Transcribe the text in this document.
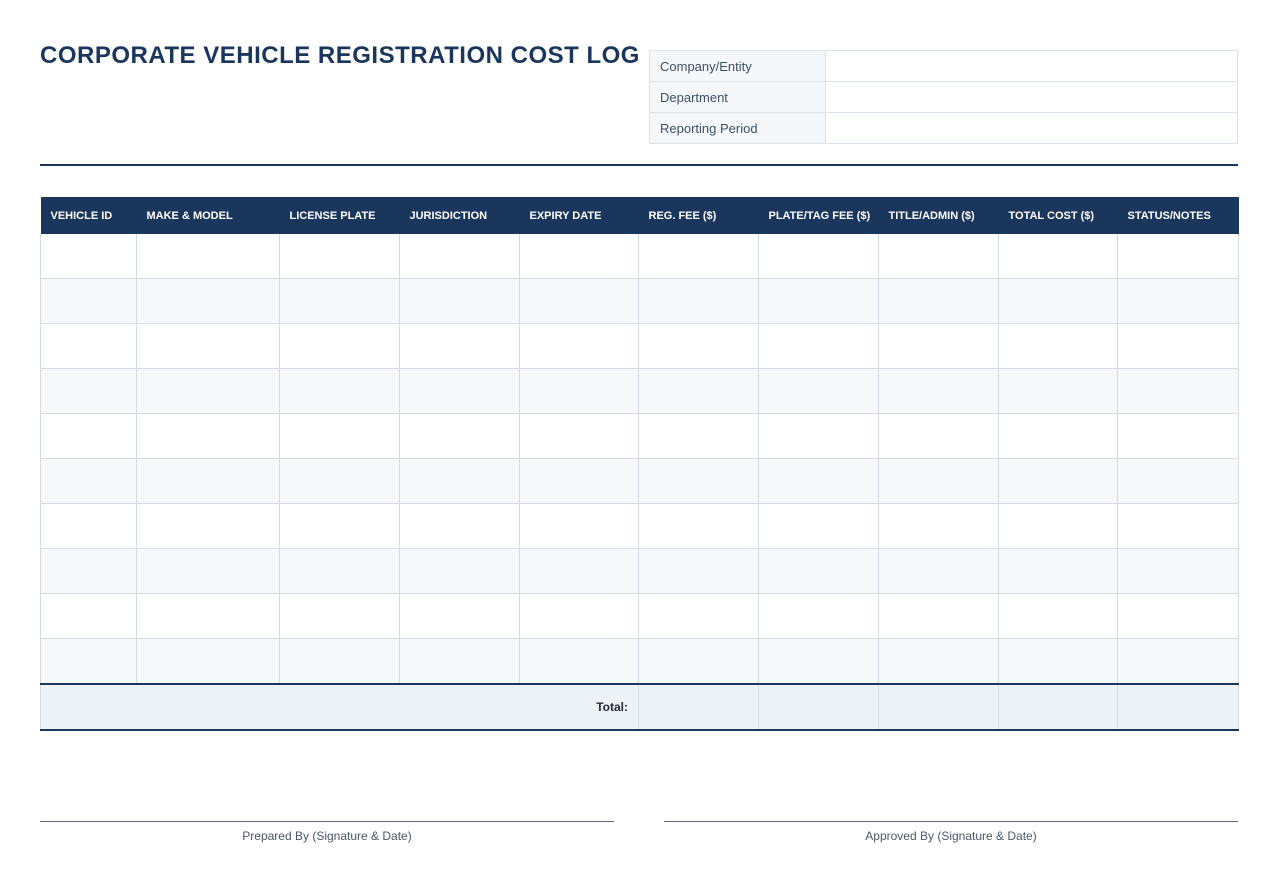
CORPORATE VEHICLE REGISTRATION COST LOG Company/Entity	
Department	
Reporting Period	
VEHICLE ID	MAKE & MODEL	LICENSE PLATE	JURISDICTION	EXPIRY DATE	REG. FEE ($)	PLATE/TAG FEE ($)	TITLE/ADMIN ($)	TOTAL COST ($)	STATUS/NOTES

Total:									
Prepared By (Signature & Date)	Approved By (Signature & Date)
